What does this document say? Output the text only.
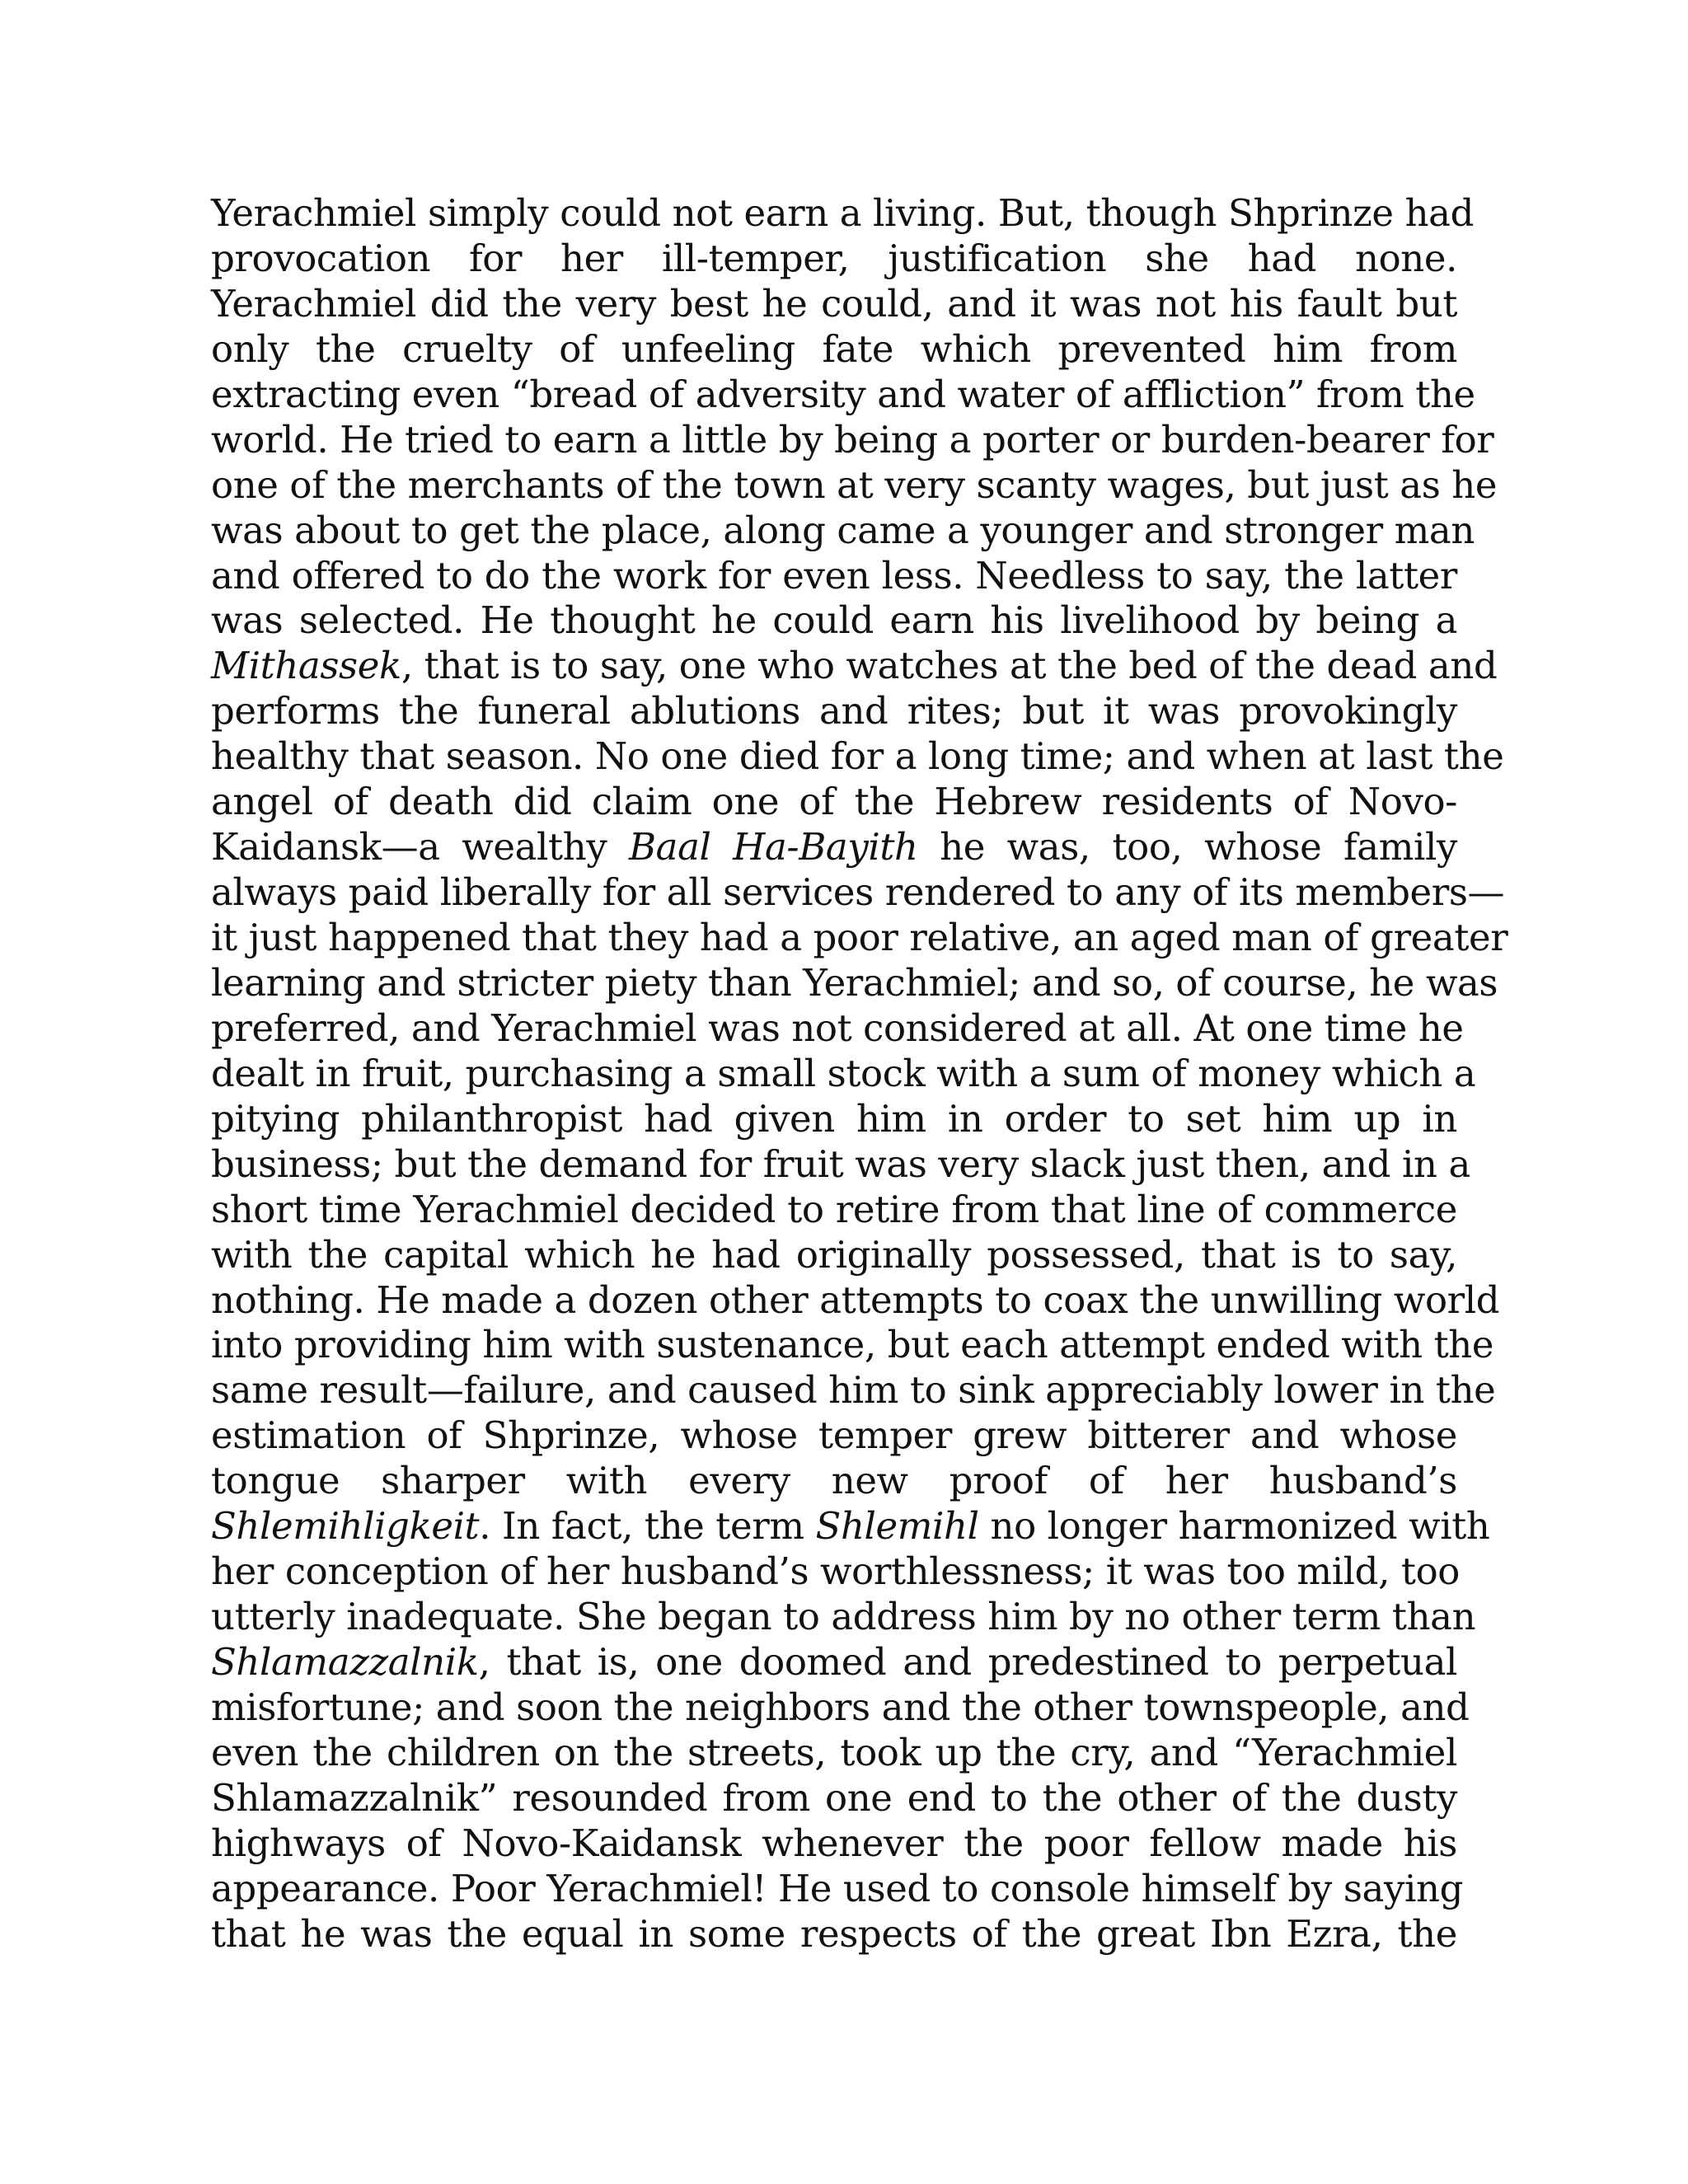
Yerachmiel simply could not earn a living. But, though Shprinze had
provocation for her ill-temper, justification she had none.
Yerachmiel did the very best he could, and it was not his fault but
only the cruelty of unfeeling fate which prevented him from
extracting even “bread of adversity and water of affliction” from the
world. He tried to earn a little by being a porter or burden-bearer for
one of the merchants of the town at very scanty wages, but just as he
was about to get the place, along came a younger and stronger man
and offered to do the work for even less. Needless to say, the latter
was selected. He thought he could earn his livelihood by being a
Mithassek, that is to say, one who watches at the bed of the dead and
performs the funeral ablutions and rites; but it was provokingly
healthy that season. No one died for a long time; and when at last the
angel of death did claim one of the Hebrew residents of Novo-
Kaidansk—a wealthy Baal Ha-Bayith he was, too, whose family
always paid liberally for all services rendered to any of its members—
it just happened that they had a poor relative, an aged man of greater
learning and stricter piety than Yerachmiel; and so, of course, he was
preferred, and Yerachmiel was not considered at all. At one time he
dealt in fruit, purchasing a small stock with a sum of money which a
pitying philanthropist had given him in order to set him up in
business; but the demand for fruit was very slack just then, and in a
short time Yerachmiel decided to retire from that line of commerce
with the capital which he had originally possessed, that is to say,
nothing. He made a dozen other attempts to coax the unwilling world
into providing him with sustenance, but each attempt ended with the
same result—failure, and caused him to sink appreciably lower in the
estimation of Shprinze, whose temper grew bitterer and whose
tongue sharper with every new proof of her husband’s
Shlemihligkeit. In fact, the term Shlemihl no longer harmonized with
her conception of her husband’s worthlessness; it was too mild, too
utterly inadequate. She began to address him by no other term than
Shlamazzalnik, that is, one doomed and predestined to perpetual
misfortune; and soon the neighbors and the other townspeople, and
even the children on the streets, took up the cry, and “Yerachmiel
Shlamazzalnik” resounded from one end to the other of the dusty
highways of Novo-Kaidansk whenever the poor fellow made his
appearance. Poor Yerachmiel! He used to console himself by saying
that he was the equal in some respects of the great Ibn Ezra, the
